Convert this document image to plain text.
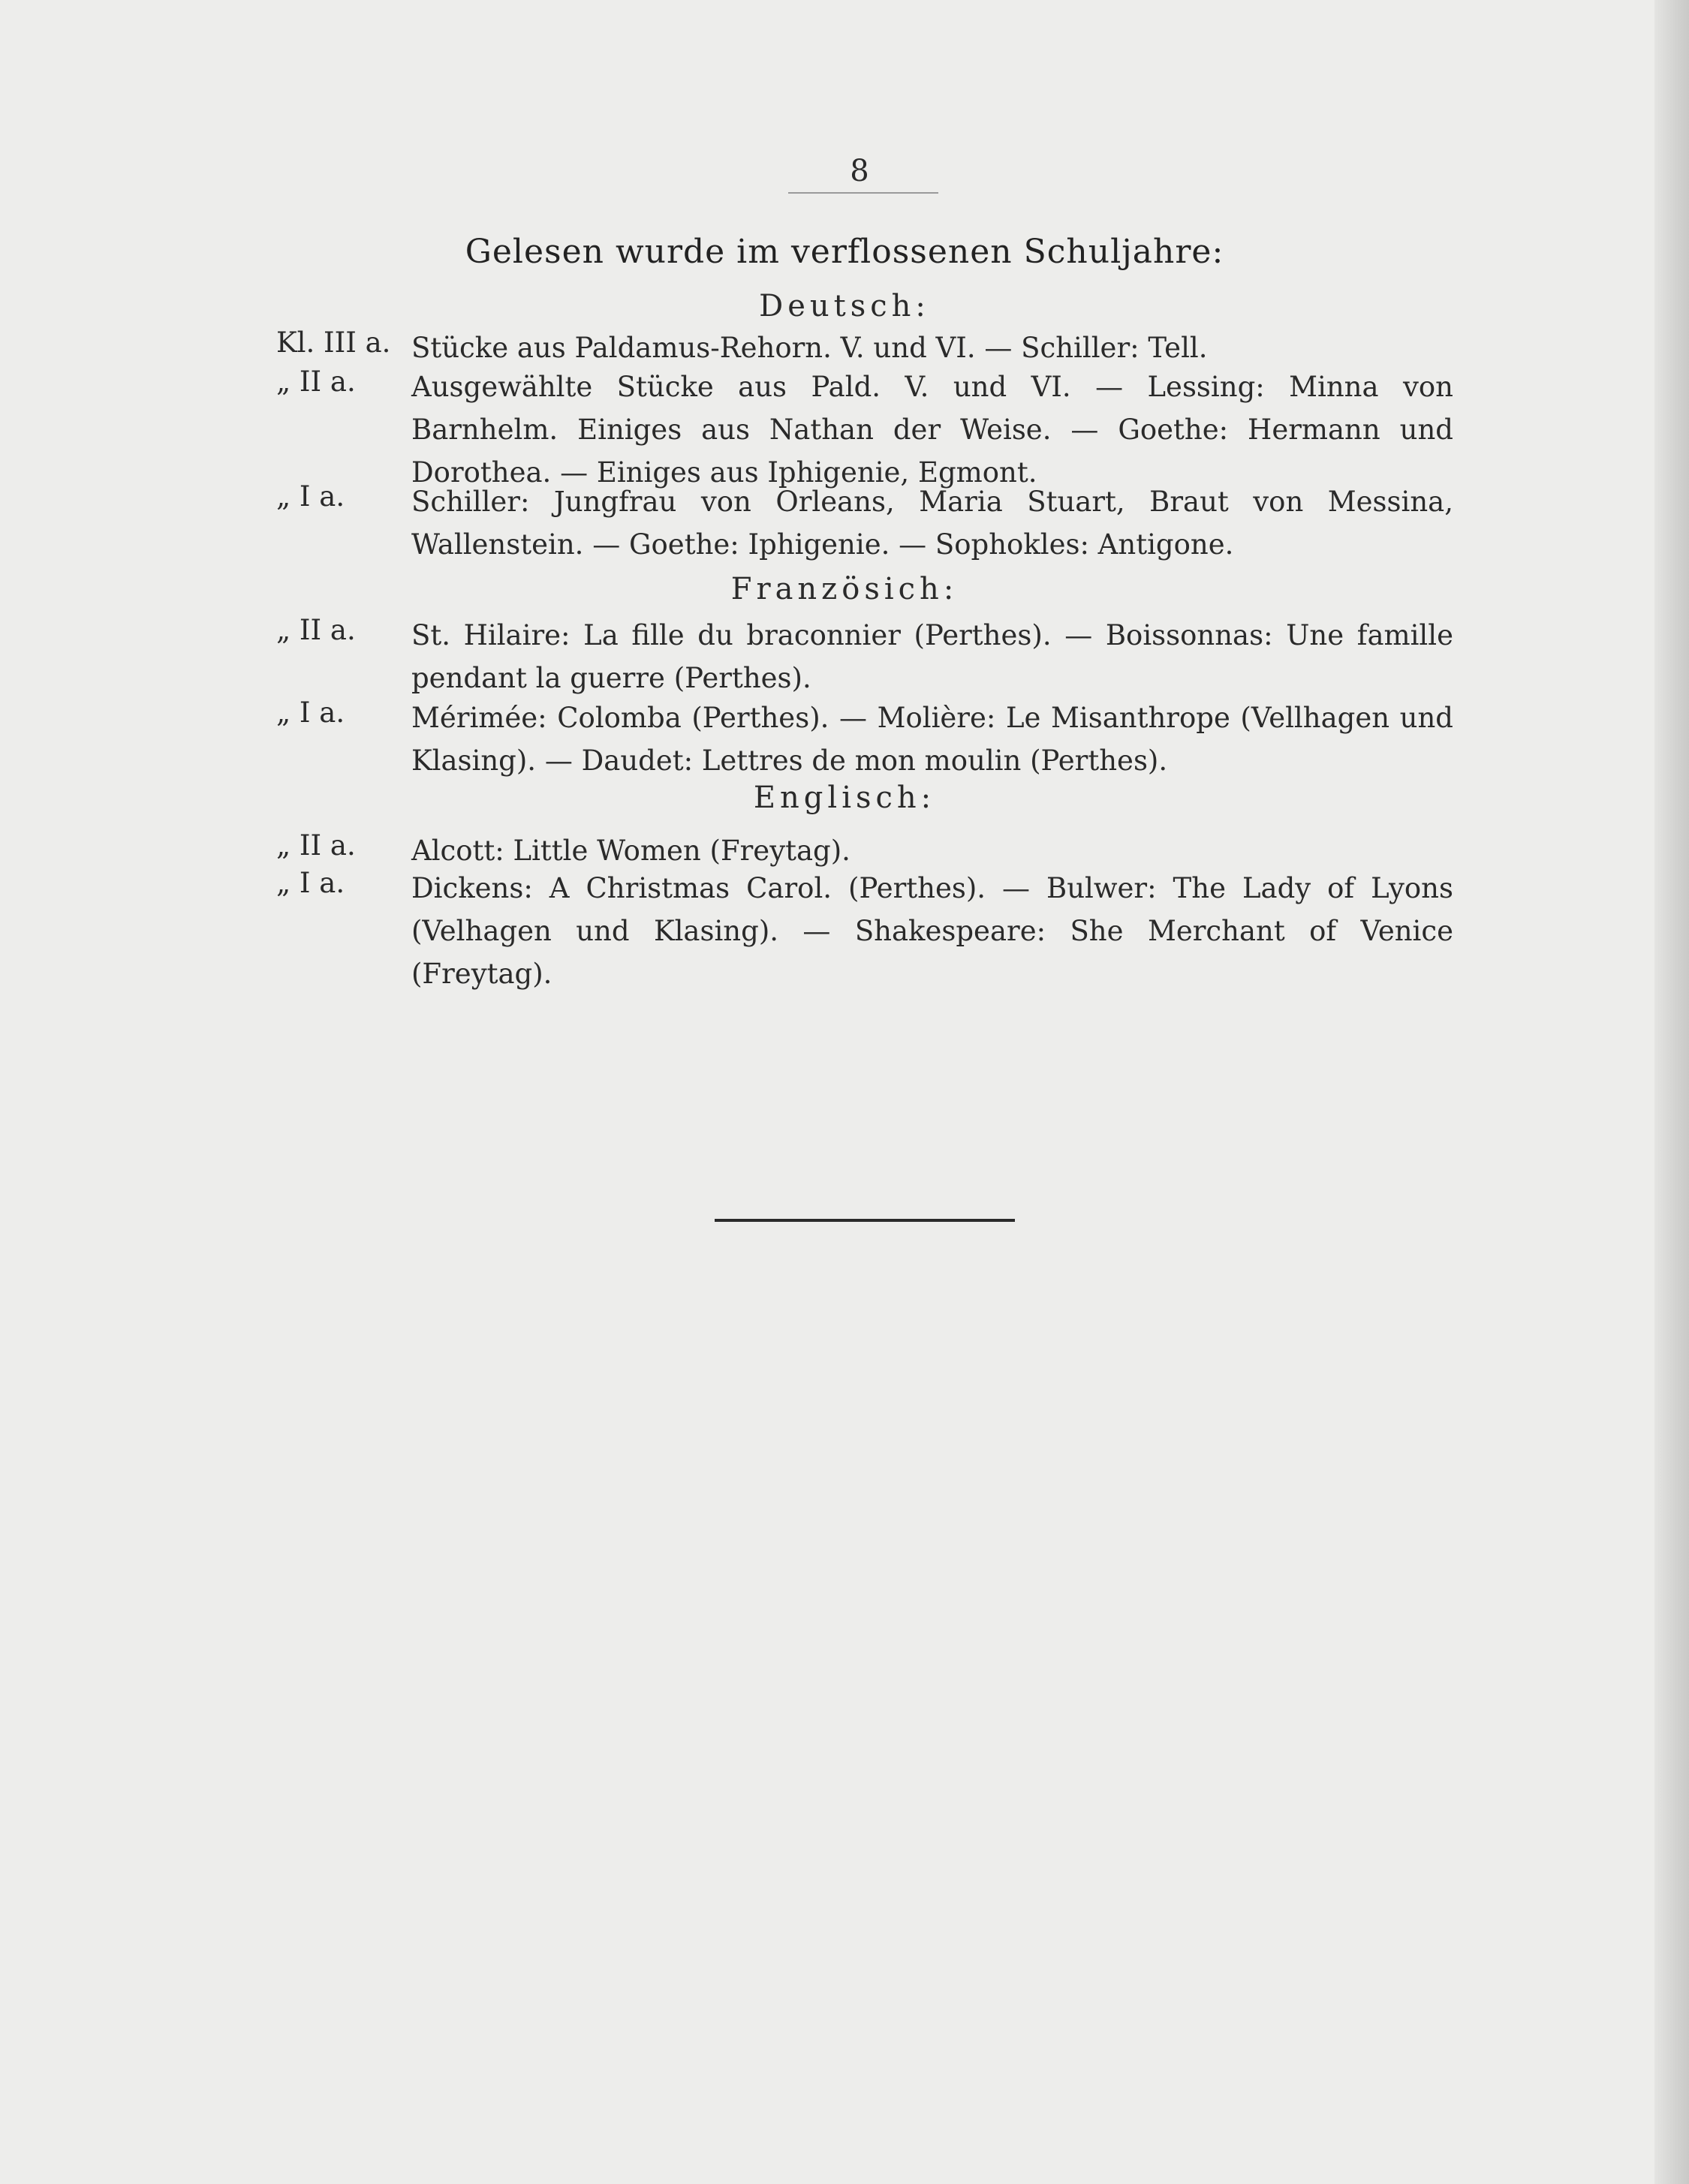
8
Gelesen wurde im verflossenen Schuljahre:
Deutsch:
Kl. III a. Stücke aus Paldamus-Rehorn. V. und VI. — Schiller: Tell.
„ II a.	Ausgewählte Stücke aus Pald. V. und VI. — Lessing: Minna von Barnhelm. Einiges aus Nathan der Weise. — Goethe: Hermann und Dorothea. — Einiges aus Iphigenie, Egmont.
„ I a.	Schiller: Jungfrau von Orleans, Maria Stuart, Braut von Messina, Wallenstein. — Goethe: Iphigenie. — Sophokles: Antigone.
Französich:
„ II a.	St. Hilaire: La fille du braconnier (Perthes). — Boissonnas: Une famille pendant la guerre (Perthes).
„ I a.	Mérimée: Colomba (Perthes). — Molière: Le Misanthrope (Vellhagen und Klasing). — Daudet: Lettres de mon moulin (Perthes).
Englisch:
„ II a.	Alcott: Little Women (Freytag).
„ I a.	Dickens: A Christmas Carol. (Perthes). — Bulwer: The Lady of Lyons (Velhagen und Klasing). — Shakespeare: She Merchant of Venice (Freytag).
